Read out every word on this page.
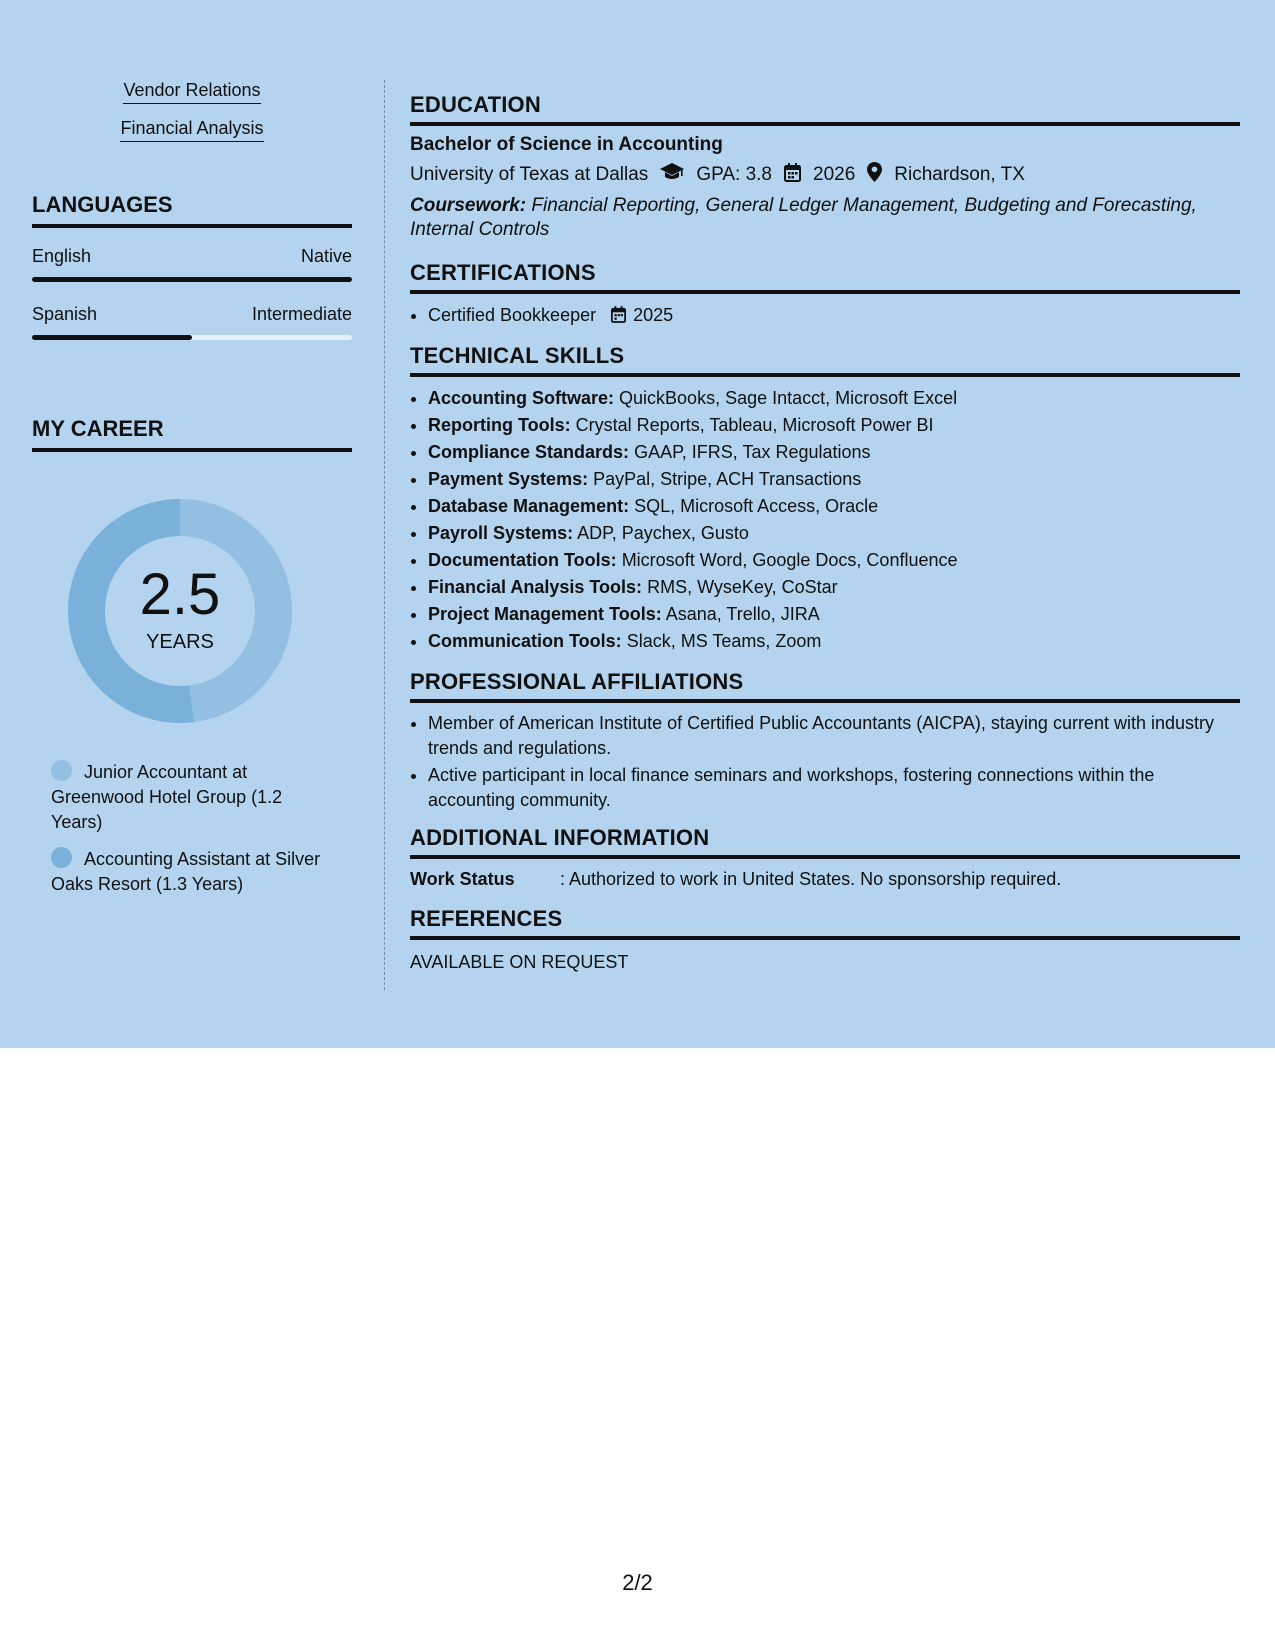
Vendor Relations
Financial Analysis
LANGUAGES
English	Native
Spanish	Intermediate
MY CAREER
2.5
YEARS
Junior Accountant at Greenwood Hotel Group (1.2 Years)
Accounting Assistant at Silver Oaks Resort (1.3 Years)
EDUCATION
Bachelor of Science in Accounting
University of Texas at Dallas	GPA: 3.8 2026 Richardson, TX
Coursework: Financial Reporting, General Ledger Management, Budgeting and Forecasting, Internal Controls
CERTIFICATIONS
• Certified Bookkeeper 2025
TECHNICAL SKILLS
• Accounting Software: QuickBooks, Sage Intacct, Microsoft Excel
• Reporting Tools: Crystal Reports, Tableau, Microsoft Power BI
• Compliance Standards: GAAP, IFRS, Tax Regulations
• Payment Systems: PayPal, Stripe, ACH Transactions
• Database Management: SQL, Microsoft Access, Oracle
• Payroll Systems: ADP, Paychex, Gusto
• Documentation Tools: Microsoft Word, Google Docs, Confluence
• Financial Analysis Tools: RMS, WyseKey, CoStar
• Project Management Tools: Asana, Trello, JIRA
• Communication Tools: Slack, MS Teams, Zoom
PROFESSIONAL AFFILIATIONS
• Member of American Institute of Certified Public Accountants (AICPA), staying current with industry trends and regulations.
• Active participant in local finance seminars and workshops, fostering connections within the accounting community.
ADDITIONAL INFORMATION
Work Status	: Authorized to work in United States. No sponsorship required.
REFERENCES
AVAILABLE ON REQUEST
2/2
